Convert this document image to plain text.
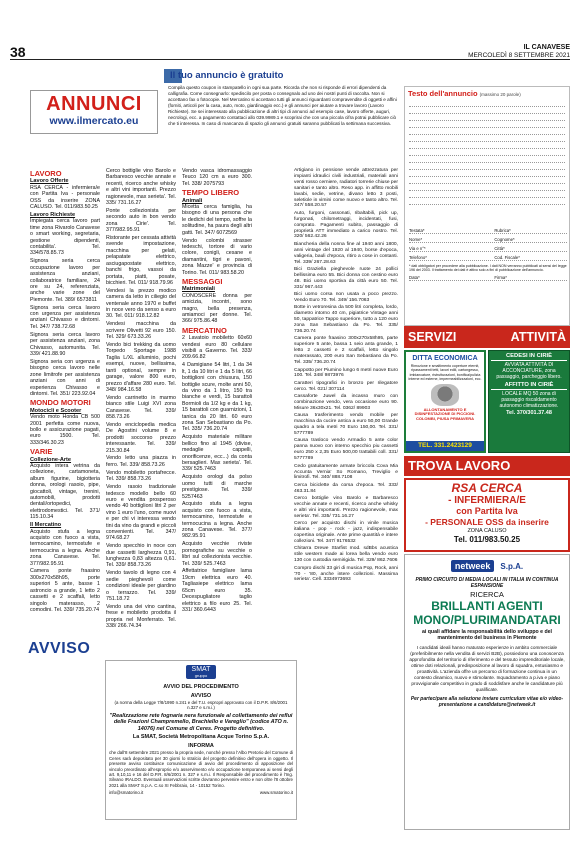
38	IL CANAVESE
MERCOLEDÌ 8 SETTEMBRE 2021
ANNUNCI
www.ilmercato.eu
Il tuo annuncio è gratuito
Compila questo coupon in stampatello in ogni sua parte. Ricorda che non si risponde di errori dipendenti da calligrafia. Come consegnarlo: spediscilo per posta o consegnalo ad uno dei nostri punti di raccolta. Non si accettano fax o fotocopie. Nel Mercatino si accettano tutti gli annunci riguardanti compravendite di oggetti e affini (forniti, articoli per la casa, auto, moto, giardinaggio ecc.) e gli annunci per aiutare a trovare lavoro (Lavoro Richieste). Se sei interessato alla pubblicazione di altri tipi di annunci ad esempio case, lavoro offerte, auguri, necrologi, ecc. a pagamento contattaci allo 039.9989.1 e scoprirai che con una piccola cifra potrai pubblicare ciò che ti interessa. In caso di mancanza di spazio gli annunci gratuiti saranno pubblicati la settimana successiva.
Testo dell'annuncio (massimo 20 parole)
Testata*	Rubrica*
Nome*	Cognome*
Via e n°*	Città*
Telefono*	Cod. Fiscale*
* dati obbligatori per procedere alla pubblicazione. I dati NON verranno pubblicati ai sensi del legge 196 del 2003. Il trattamento dei dati è attivo solo a fini di pubblicazione dell'annuncio.
Data*	Firma*
LAVORO
Lavoro Offerte

RSA CERCA - infermiera/e con Partita Iva - personale OSS da inserire ZONA CALUSO. Tel. 011/983.50.25

Lavoro Richieste

Impiegata cerca lavoro part time zona Rivarolo Canavese o smart working, segretaria, gestione dipendenti, contabilita'. Tel. 334/578.85.73

Signora seria cerca occupazione lavoro per assistenza anziani, collaboratrice familiare, 24 ore su 24, referenziata, anche varie zone del Piemonte. Tel. 389/ 6573811

Signora seria cerca lavoro con urgenza per assistenza anziani Chivasso e dintorni. Tel. 347/ 738.72.68

Signora seria cerca lavoro per assistenza anziani, zona Chivasso, automunita. Tel. 339/ 421.88.90

Signora seria con urgenza e bisogno cerca lavoro nelle zone limitrofe per assistenza anziani con anni di esperienza Chivasso e dintorni. Tel. 351/ 223.92.04

MONDO MOTORI
Motocicli e Scooter

Vendo moto Honda CB 500 2001 perfetta come nuova, bollo e assicurazione pagati, euro 1500. Tel. 333/346.30.23

VARIE
Collezione-Arte

Acquisto intera vetrina da collezione, cartamoneta, album figurine, bigiotteria donna, orologi rasoio, pipe, giocattoli, vintage, trenini, automobili, prodotti dentali/ortopedici, elettrodomestici. Tel. 371/ 115.10.34

Il Mercatino

Acquisto stufa a legna acquisto con fuoco a vista, termocamino, termostufe e termocucina a legna. Anche zona Canavese. Tel. 377/982.95.91

Camera ponte fraasino 300x270x58h95, porte superiori 5 ante, basse 1 astroncio a grande, 1 letto 2 cassetti e 2 scaffali, letto singolo materasso, 2 comodini. Tel. 339/ 735.20.74

Cerco bottiglie vino Barolo e Barbaresco vecchie annate e recenti, ricerco anche whisky e altri vini importanti. Prezzo ragionevole, max serieta'. Tel. 335/ 731.16.27

Ponte collezionista per secondo auto in bon vendo zona Cirie'. Tel. 377/982.95.91

Ristorante per cessata attività svende impostazione, macchina per gelati, pelapatate elettrico, asciugapostate elettrico, banchi frigo, vassoi da portata, piatti, posate, bicchieri. Tel. 011/ 918.79.96

Vendesi la prezzo modico camera da letto in ciliegio del ventenale anno 1970 e buffet in noce vero da senso a euro 30. Tel. 011/ 918.12.82

Vendesi macchina da scrivere Olivetti 92 euro 150. Tel. 329/ 673.33.26

Vendo bici trekking da uomo Torpedo Sportage 1988 Taglia L/XL alluminio, pochi esempi, nuove, bellissima, tanti optional, sempre in garage, valore 800 euro, prezzo d'affare 280 euro. Tel. 348/ 984.16.58

Vendo carrinetto in marmo bianco stile Luigi XVI zona Canavese. Tel. 339/ 858.73.26

Vendo enciclopedia medica De Agostini volume 8 e prodotti soccorso prezzo interessante. Tel. 339/ 215.30.84

Vendo letto una piazza in ferro. Tel. 339/ 858.73.26

Vendo mobiletto portafrecce. Tel. 339/ 858.73.26

Vendo rasoio tradizionale tedesco modello bello 60 euro e vendita prosperoso vendo 40 bottiglioni litri 2 per vino 1 euro l'uno, come nuovi e per chi vi interessa vendo tini da vino da grandi e piccoli convenienti. Tel. 347/ 974.68.27

Vendo specchio in noce con due cassetti larghezza 0,91, lunghezza 0,83 altezza 0,61. Tel. 339/ 858.73.26

Vendo tavolo di legno con 4 sedie pieghevoli come condizioni ideale per giardino o terrazzo. Tel. 339/ 751.18.72

Vendo una dei vino cantina, frese e mobiletto prodotta il propria nel Monferrato. Tel. 338/ 266.74.34

Vendo vasca idromassaggio Teuco 120 cm a euro 300. Tel. 338/ 2075793

TEMPO LIBERO
Animali

Micetta cerca famiglia, ha bisogno di una persona che le dedichi del tempo, soffre la solitudine, ha paura degli altri gatti. Tel. 347/ 6072569

Vendo colombi strasser tedeschi, tortore di vario colore, conigli, cesane e diamantini, tigri e pavoni, zona Mazze' e provincia di Torino. Tel. 011/ 983.58.20

MESSAGGI
Matrimoniali

CONOSCERE donna per amicizia, incontri, sono magro, bella presenza, amiamoci per donne. Tel. 366/ 975.86.48

MERCATINO

2 Lavatoio mobiletto 60x60 vendesi euro 80 cellulare visibili a Gaverno. Tel. 333/ 209.66.82

4 Damigiane 54 litri, 1 da 34 lt, 1 da 10 litri e 1 da 5 litri, 66 bottiglioni con chiusura, 150 bottiglie scure, molte anni 50, da vino da 1 litro, 150 tra bianche e verdi, 15 barattoli Bormioli da 1/2 kg e da 1 kg, 15 barattoli con guarnizioni, 1 tanica da 20 litri. 60 euro zona San Sebastiano da Po. Tel. 335/ 736.20.74

Acquisto materiale militare bellico fino al 1945 (divise, medaglie cappelli, onorificenze, ecc...) da conta bersaglieri. Max serieta'. Tel. 339/ 525.7463

Acquisto orologi da polso uomo tutti di marche prestigiose. Tel. 339/ 5257463

Acquisto stufa a legna acquisto con fuoco a vista, termocamino, termostufe e termocucina a legna. Anche zona Canavese. Tel. 377/ 982.95.91

Acquisto vecchie riviste pornografiche su vecchie o libri sul collezionista vecchie. Tel. 339/ 525.7463

Affettatrice famigliare lama 19cm elettrica euro 40. Tagliasiepe elettrico lama 65cm euro 35. Decespugliatore taglio elettrico a filo euro 25. Tel. 331/ 360.6443

Artigiano in pensione vende attrezzatura per impianti idraulici civili industriali, materiali anni venti rosso cerniere, radiatori torrerie chiuse per sanitari e tanto altro. Reso app. in affitto mobili lavabi, sedie, vetrine, divano letto 3 posti, seletiole in vimini come nuovo e tanto altro. Tel. 347/ 558.20.57

Auto, furgoni, cassonati, ribaltabili, pick up, furgonati, chilometraggi, incidentati, fusi, comprato. Pagamenti subito, passaggio di proprietà ATT immediato a carico nostro. Tel. 320/ 562.42.26

Biancheria della nonna fine al 1940 anni 1800, anni vintage del 1920 al 1940, borse d'epoca, valigeria, bauli d'epoca, ritiro a cose in contanti. Tel. 339/ 267.28.63

Bici Graziella pieghevole ruote 24 pollici bellissima euro 55. Bici donna con cestino euro 48. Bici uomo sportiva da città euro 50. Tel. 331/ 967.443

Bici uomo corsa non usata a poco prezzo. Vendo Euro 70. Tel. 349/ 156.7063

Botte in vetroresina da 500 litri completa, lordo, diametro intorno 40 cm, pigiatrice Vintage anni 50, tappatrice Tappo superiore, tutto a 120 euro zona San Sebastiano da Po. Tel. 335/ 736.20.74

Camera ponte fraasino 300x270x58h95, parte superiore 5 ante, bassa 1 seio anta grande, 1 letto 2 cassetti e 2 scaffali, letto singolo materassato, 200 euro San Sebastiano da Po. Tel. 335/ 736.20.74

Cappotto per Piumino lungo 6 metri nuove Euro 100. Tel. 348/ 9873976

Caratteri tipografici in bronzo per rilegatore cerco. Tel. 021/ 307114

Cassaforte Juwel da incasso muro con combinazione vendo, vera occasione euro 90. Misure 36x30x21. Tel. 0362/ 89903

Causa trasferimento vendo mobile per macchina da cucire antica a euro 50,00 Grande quadro a tela metri 70 Euro 150,00. Tel. 331/ 5777789

Causa trasloco vendo Armadio 5 ante color panna nuovo con interno specchio piu cassetti euro 250 x 2,35 Euro 500,00 trattabili coll. 331/ 5777789

Cedo gratuitamente armate briccola Cova Mia Accunta Vernia' So Romano, Treviglio e limitrofi. Tel. 340/ 888.7108

Cerca biciclette da corsa d'epoca. Tel. 333/ 463.31.84

Cerco bottiglie vino Barolo e Barbaresco vecchie annate e recenti, ricerco anche whisky e altri vini importanti. Prezzo ragionevole, max serieta'. Tel. 335/ 731.16.27

Cerco per acquisto dischi in vinile musica italiana - pop - rock - jazz, indispensabile copertina originale. Ante prime quantità e intere collezioni. Tel. 347/ 9176532

Chitarra Drewe Starfist mod. sdBbs acustica stile western made ai lorea bella vendo euro 130 con custodia semirigida. Tel. 329/ 862.7606

Compro dischi 33 giri di musica Pop, Rock, anni '70 - '80, anche intere collezioni. Massima serieta'. Cell. 3334973693

SERVIZI	ATTIVITÀ
DITTA ECONOMICA
Rimozione e smaltimento coperture eternit, ripassamenti tetti, lavori edili, cartongesso, imbiancature, ristrutturazioni, bonifica/pulizia interne ed esterne, impermeabilizzazioni, ecc.
ALLONTANAMENTO E DISINFESTAZIONE DI PICCIONI. COLOMBI, PIUSA PRIMAVERA
TEL. 331.2423129
CEDESI IN CIRIÈ
AVVIATA ATTIVITÀ DI ACCONCIATURE, zona passaggio, parcheggio libero.
AFFITTO IN CIRIÈ
LOCALE MQ 50 zona di passaggio riscaldamento autonomo climatizzazione.
Tel. 370/301.37.48
TROVA LAVORO
RSA CERCA
- INFERMIERA/E
con Partita Iva
- PERSONALE OSS da inserire
ZONA CALUSO
Tel. 011/983.50.25
netweek	S.p.A.
PRIMO CIRCUITO DI MEDIA LOCALI IN ITALIA IN CONTINUA ESPANSIONE
RICERCA
BRILLANTI AGENTI
MONO/PLURIMANDATARI
ai quali affidare la responsabilità dello sviluppo e del mantenimento del business in Piemonte
I candidati ideali hanno maturato esperienze in ambito commerciale (preferibilmente nella vendita di servizi B2B), possiedono una conoscenza approfondita del territorio di riferimento e del tessuto imprenditoriale locale, ottime doti relazionali, predisposizione al lavoro di squadra, entusiasmo e proattività. L'azienda offre un percorso di formazione continua in un contesto dinamico, nuovo e stimolante. Inquadramento a p.iva e piano provvigionale competitivo in grado di soddisfare anche le candidature più qualificate.
Per partecipare alla selezione inviare curriculum vitae e/o video-presentazione a candidature@netweek.it
AVVISO
SMAT
gruppo
AVVIO DEL PROCEDIMENTO
AVVISO
(a norma della Legge 7/8/1990 n.241 e del T.U. espropri approvato con il D.P.R. 8/6/2001 n.327 e s.m.i.)
"Realizzazione rete fognaria nera funzionale al collettamento dei reflui delle Frazioni Champremello, Brachiello e Vareglio" (codice ATO n. 14076) nel Comune di Ceres. Progetto definitivo.
La SMAT, Società Metropolitana Acque Torino S.p.A.
INFORMA
che dall'8 settembre 2021 presso la propria sede, nonché presso l'Albo Pretorio del Comune di Ceres sarà depositato per 30 giorni lo stralcio del progetto definitivo dell'opera in oggetto. Il presente avviso costituisce comunicazione di avvio del procedimento di apposizione del vincolo preordinato all'esproprio e/o asservimento e/o occupazione temporanea ai sensi degli art. 9,10,11 e 16 del D.P.R. 8/6/2001 n. 327 e s.m.i. Il Responsabile del procedimento è l'Ing. Silvano IRALDO. Eventuali osservazioni scritte dovranno pervenire entro e non oltre l'8 ottobre 2021 alla SMAT S.p.A. C.so XI Febbraio, 14 - 10152 Torino.
info@smatorino.it	www.smatorino.it
